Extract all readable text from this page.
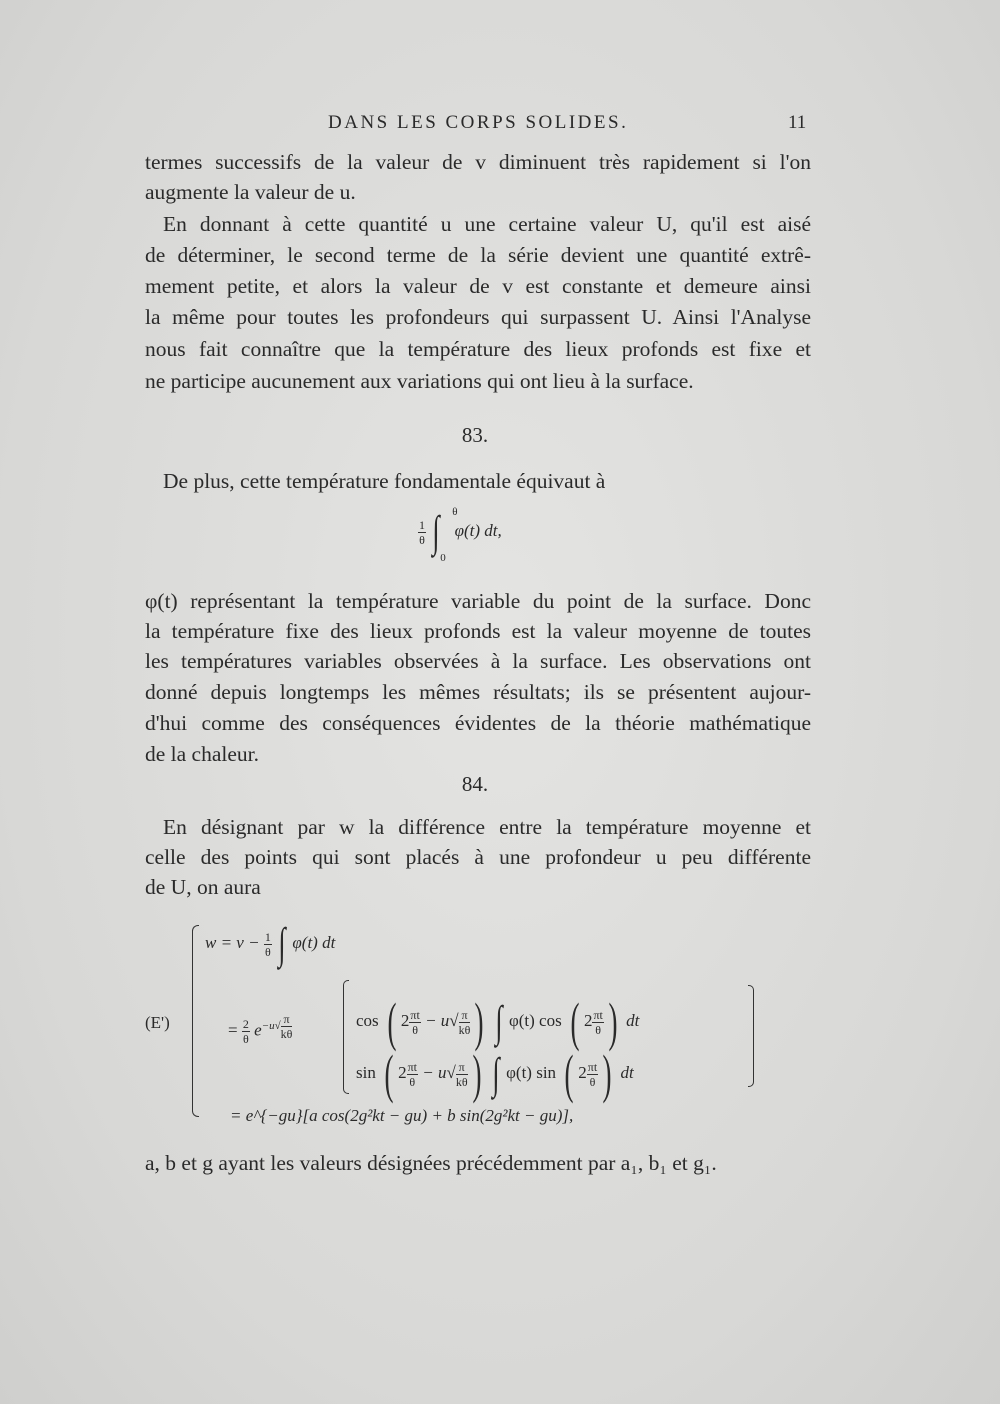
DANS LES CORPS SOLIDES.	11
termes successifs de la valeur de v diminuent très rapidement si l'on
augmente la valeur de u.
En donnant à cette quantité u une certaine valeur U, qu'il est aisé
de déterminer, le second terme de la série devient une quantité extrê-
mement petite, et alors la valeur de v est constante et demeure ainsi
la même pour toutes les profondeurs qui surpassent U. Ainsi l'Analyse
nous fait connaître que la température des lieux profonds est fixe et
ne participe aucunement aux variations qui ont lieu à la surface.
83.
De plus, cette température fondamentale équivaut à
$\frac{1}{\theta}$ ∫ θ
0
φ(t) dt,
φ(t) représentant la température variable du point de la surface. Donc
la température fixe des lieux profonds est la valeur moyenne de toutes
les températures variables observées à la surface. Les observations ont
donné depuis longtemps les mêmes résultats; ils se présentent aujour-
d'hui comme des conséquences évidentes de la théorie mathématique
de la chaleur.
84.
En désignant par w la différence entre la température moyenne et
celle des points qui sont placés à une profondeur u peu différente
de U, on aura
(E')
$w = v - \frac{1}{\theta}$ ∫ φ(t) dt
= $\frac{2}{\theta} e^{-u√ \frac{\pi}{k\theta}}$	cos ( $2 \frac{\pi t}{\theta} - u√ \frac{\pi}{k\theta}$ ) ∫ φ(t) cos ( $2 \frac{\pi t}{\theta}$ ) dt
sin ( $2 \frac{\pi t}{\theta} - u√ \frac{\pi}{k\theta}$ ) ∫ φ(t) sin ( $2 \frac{\pi t}{\theta}$ ) dt
= e^{−gu}[a cos(2g²kt − gu) + b sin(2g²kt − gu)],
a, b et g ayant les valeurs désignées précédemment par a₁, b₁ et g₁.
